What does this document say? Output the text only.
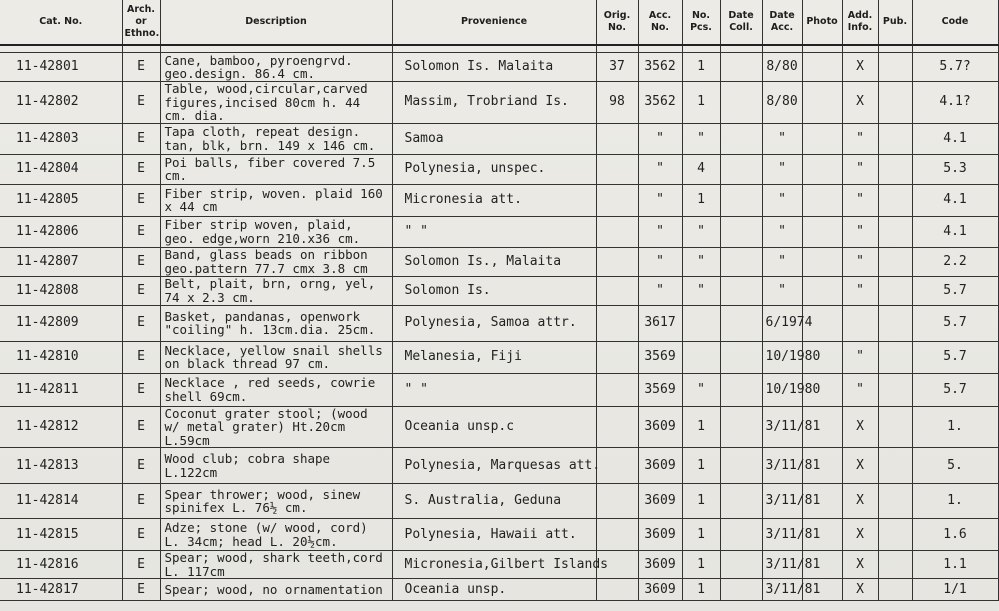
Cat. No.	Arch. or Ethno.	Description	Provenience	Orig. No.	Acc. No.	No. Pcs.	Date Coll.	Date Acc.	Photo	Add. Info.	Pub.	Code

11-42801	E	Cane, bamboo, pyroengrvd. geo.design. 86.4 cm.	Solomon Is. Malaita	37	3562	1		8/80		X		5.7?
11-42802	E	Table, wood,circular,carved figures,incised 80cm h. 44 cm. dia.	Massim, Trobriand Is.	98	3562	1		8/80		X		4.1?
11-42803	E	Tapa cloth, repeat design. tan, blk, brn. 149 x 146 cm.	Samoa		"	"		"		"		4.1
11-42804	E	Poi balls, fiber covered 7.5 cm.	Polynesia, unspec.		"	4		"		"		5.3
11-42805	E	Fiber strip, woven. plaid 160 x 44 cm	Micronesia att.		"	1		"		"		4.1
11-42806	E	Fiber strip woven, plaid, geo. edge,worn 210.x36 cm.	" "		"	"		"		"		4.1
11-42807	E	Band, glass beads on ribbon geo.pattern 77.7 cmx 3.8 cm	Solomon Is., Malaita		"	"		"		"		2.2
11-42808	E	Belt, plait, brn, orng, yel, 74 x 2.3 cm.	Solomon Is.		"	"		"		"		5.7
11-42809	E	Basket, pandanas, openwork "coiling" h. 13cm.dia. 25cm.	Polynesia, Samoa attr.		3617			6/1974				5.7
11-42810	E	Necklace, yellow snail shells on black thread 97 cm.	Melanesia, Fiji		3569			10/1980		"		5.7
11-42811	E	Necklace , red seeds, cowrie shell 69cm.	" "		3569	"		10/1980		"		5.7
11-42812	E	Coconut grater stool; (wood w/ metal grater) Ht.20cm L.59cm	Oceania unsp.c		3609	1		3/11/81		X		1.
11-42813	E	Wood club; cobra shape L.122cm	Polynesia, Marquesas att.		3609	1		3/11/81		X		5.
11-42814	E	Spear thrower; wood, sinew spinifex L. 76½ cm.	S. Australia, Geduna		3609	1		3/11/81		X		1.
11-42815	E	Adze; stone (w/ wood, cord) L. 34cm; head L. 20½cm.	Polynesia, Hawaii att.		3609	1		3/11/81		X		1.6
11-42816	E	Spear; wood, shark teeth,cord L. 117cm	Micronesia,Gilbert Islands		3609	1		3/11/81		X		1.1
11-42817	E	Spear; wood, no ornamentation	Oceania unsp.		3609	1		3/11/81		X		1/1
